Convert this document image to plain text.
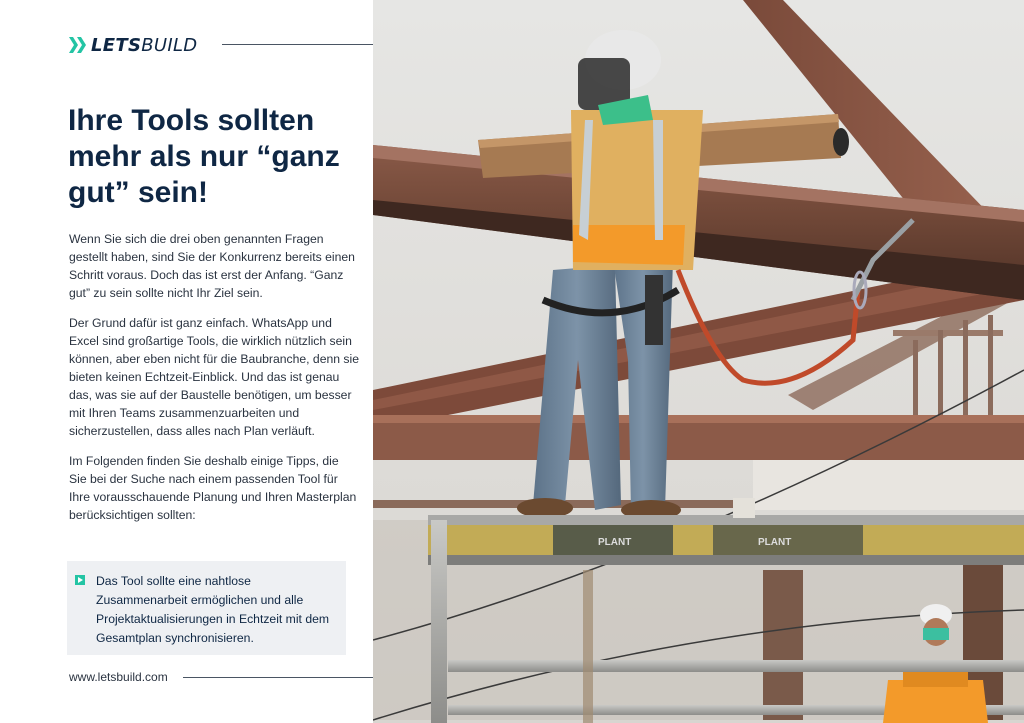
LETSBUILD
Ihre Tools sollten mehr als nur “ganz gut” sein!

Wenn Sie sich die drei oben genannten Fragen gestellt haben, sind Sie der Konkurrenz bereits einen Schritt voraus. Doch das ist erst der Anfang. “Ganz gut” zu sein sollte nicht Ihr Ziel sein.

Der Grund dafür ist ganz einfach. WhatsApp und Excel sind großartige Tools, die wirklich nützlich sein können, aber eben nicht für die Baubranche, denn sie bieten keinen Echtzeit-Einblick. Und das ist genau das, was sie auf der Baustelle benötigen, um besser mit Ihren Teams zusammenzuarbeiten und sicherzustellen, dass alles nach Plan verläuft.

Im Folgenden finden Sie deshalb einige Tipps, die Sie bei der Suche nach einem passenden Tool für Ihre vorausschauende Planung und Ihren Masterplan berücksichtigen sollten:

Das Tool sollte eine nahtlose Zusammenarbeit ermöglichen und alle Projektaktualisierungen in Echtzeit mit dem Gesamtplan synchronisieren.
www.letsbuild.com
PLANT	PLANT
